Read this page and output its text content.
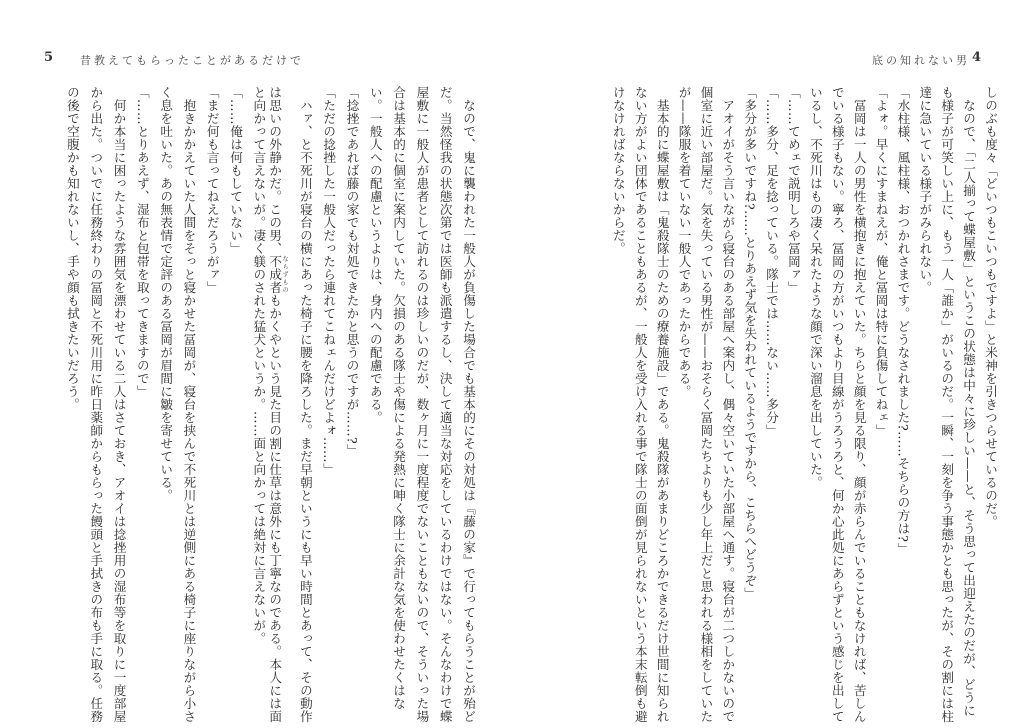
5 昔教えてもらったことがあるだけで
　なので、鬼に襲われた一般人が負傷した場合でも基本的にその対処は『藤の家』で行ってもらうことが殆ど
だ。当然怪我の状態次第では医師も派遣するし、決して適当な対応をしているわけではない。そんなわけで蝶
屋敷に一般人が患者として訪れるのは珍しいのだが、数ヶ月に一度程度でないこともないので、そういった場
合は基本的に個室に案内していた。欠損のある隊士や傷による発熱に呻く隊士に余計な気を使わせたくはな
い。一般人への配慮というよりは、身内への配慮である。
「捻挫であれば藤の家でも対処できたかと思うのですが……?」
「ただの捻挫した一般人だったら連れてこねェんだけどよォ……」
　ハァ、と不死川が寝台の横にあった椅子に腰を降ろした。まだ早朝というにも早い時間とあって、その動作
は思いの外静かだ。この男、不成者 ならずものもかくやという見た目の割に仕草は意外にも丁寧なのである。本人には面
と向かって言えないが。凄く躾のされた猛犬というか。……面と向かっては絶対に言えないが。
「……俺は何もしていない」
「まだ何も言ってねえだろうがァ」
　抱きかかえていた人間をそっと寝かせた冨岡が、寝台を挟んで不死川とは逆側にある椅子に座りながら小さ
く息を吐いた。あの無表情で定評のある冨岡が眉間に皺を寄せている。
「……とりあえず、湿布と包帯を取ってきますので」
　何か本当に困ったような雰囲気を漂わせている二人はさておき、アオイは捻挫用の湿布等を取りに一度部屋
から出た。ついでに任務終わりの冨岡と不死川用に昨日薬師からもらった饅頭と手拭きの布も手に取る。任務
の後で空腹かも知れないし、手や顔も拭きたいだろう。
底の知れない男 4
しのぶも度々「どいつもこいつもですよ」と米神を引きつらせているのだ。
　なので、「二人揃って蝶屋敷」というこの状態は中々に珍しい——と、そう思って出迎えたのだが、どうに
も様子が可笑しい上に、もう一人「誰か」がいるのだ。一瞬、一刻を争う事態かとも思ったが、その割には柱
達に急いている様子がみられない。
「水柱様、風柱様、おつかれさまです。どうなされました?……そちらの方は?」
「よォ。早くにすまねえが、俺と冨岡は特に負傷してねェ」
　冨岡は一人の男性を横抱きに抱えていた。ちらと顔を見る限り、顔が赤らんでいることもなければ、苦しん
でいる様子もない。寧ろ、冨岡の方がいつもより目線がうろうろと、何か心此処にあらずという感じを出して
いるし、不死川はもの凄く呆れたような顔で深い溜息を出していた。
「……てめェで説明しろや冨岡ァ」
「……多分、足を捻っている。隊士では……ない……多分」
「多分が多いですね?……とりあえず気を失われているようですから、こちらへどうぞ」
　アオイがそう言いながら寝台のある部屋へ案内し、偶々空いていた小部屋へ通す。寝台が二つしかないので
個室に近い部屋だ。気を失っている男性が——おそらく冨岡たちよりも少し年上だと思われる様相をしていた
が——隊服を着ていない一般人であったからである。
　基本的に蝶屋敷は「鬼殺隊士のための療養施設」である。鬼殺隊があまりどころかできるだけ世間に知られ
ない方がよい団体であることもあるが、一般人を受け入れる事で隊士の面倒が見られないという本末転倒も避
けなければならないからだ。
